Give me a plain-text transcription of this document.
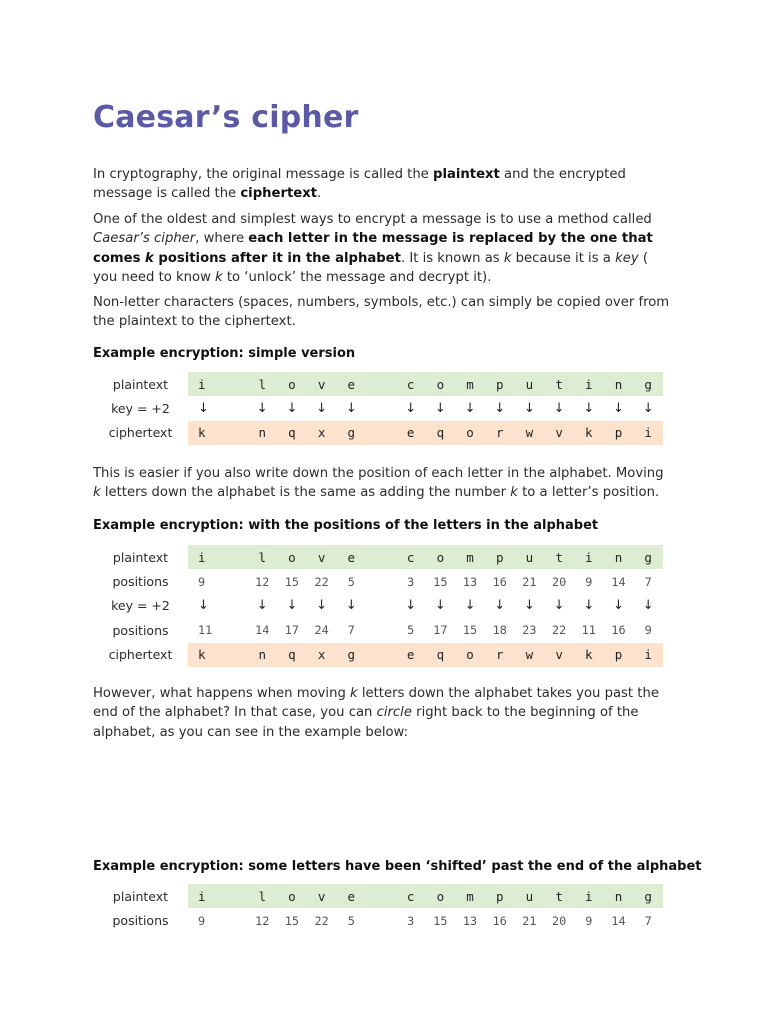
Caesar’s cipher
In cryptography, the original message is called the plaintext and the encrypted message is called the ciphertext.
One of the oldest and simplest ways to encrypt a message is to use a method called Caesar’s cipher, where each letter in the message is replaced by the one that comes k positions after it in the alphabet. It is known as k because it is a key ( you need to know k to ‘unlock’ the message and decrypt it).
Non-letter characters (spaces, numbers, symbols, etc.) can simply be copied over from the plaintext to the ciphertext.
Example encryption: simple version
plaintext	i		l	o	v	e		c	o	m	p	u	t	i	n	g
key = +2	↓		↓	↓	↓	↓		↓	↓	↓	↓	↓	↓	↓	↓	↓
ciphertext	k		n	q	x	g		e	q	o	r	w	v	k	p	i
This is easier if you also write down the position of each letter in the alphabet. Moving k letters down the alphabet is the same as adding the number k to a letter’s position.
Example encryption: with the positions of the letters in the alphabet
plaintext	i		l	o	v	e		c	o	m	p	u	t	i	n	g
positions	9		12	15	22	5		3	15	13	16	21	20	9	14	7
key = +2	↓		↓	↓	↓	↓		↓	↓	↓	↓	↓	↓	↓	↓	↓
positions	11		14	17	24	7		5	17	15	18	23	22	11	16	9
ciphertext	k		n	q	x	g		e	q	o	r	w	v	k	p	i
However, what happens when moving k letters down the alphabet takes you past the end of the alphabet? In that case, you can circle right back to the beginning of the alphabet, as you can see in the example below:
Example encryption: some letters have been ‘shifted’ past the end of the alphabet
plaintext	i		l	o	v	e		c	o	m	p	u	t	i	n	g
positions	9		12	15	22	5		3	15	13	16	21	20	9	14	7
